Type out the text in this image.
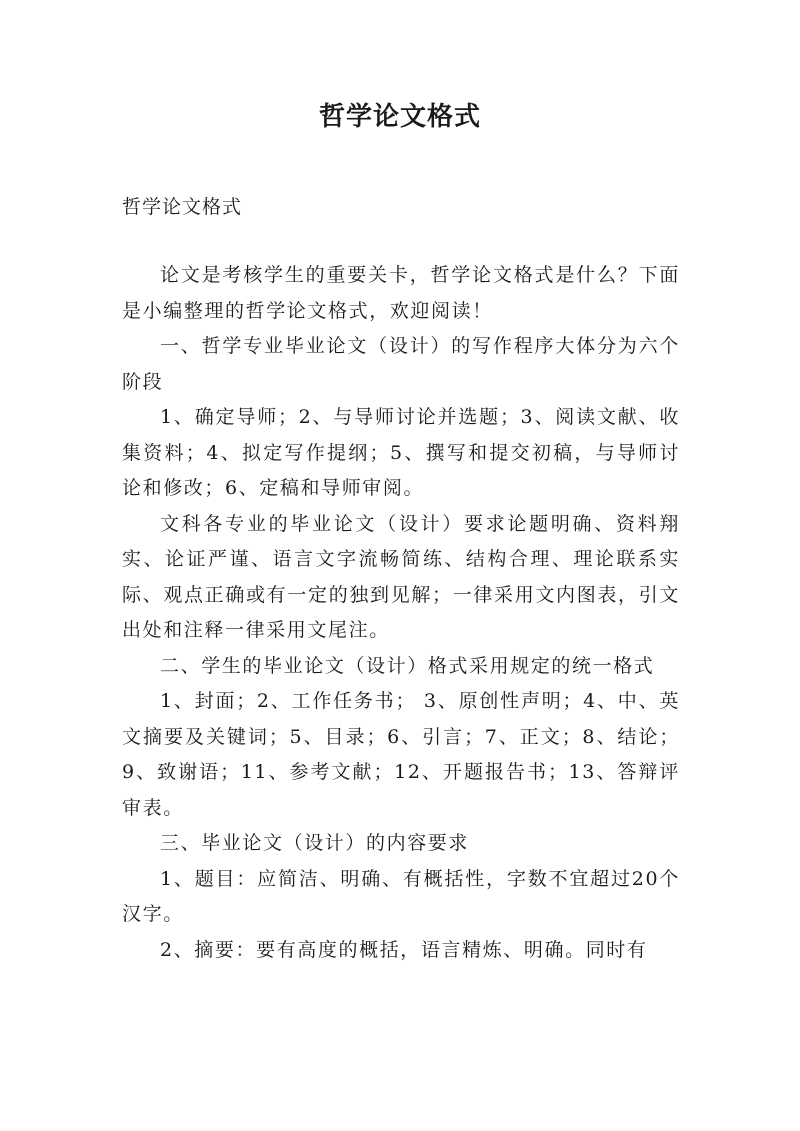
哲学论文格式
哲学论文格式

论文是考核学生的重要关卡，哲学论文格式是什么？下面是小编整理的哲学论文格式，欢迎阅读！

一、哲学专业毕业论文（设计）的写作程序大体分为六个阶段

1、确定导师；2、与导师讨论并选题；3、阅读文献、收集资料；4、拟定写作提纲；5、撰写和提交初稿，与导师讨论和修改；6、定稿和导师审阅。

文科各专业的毕业论文（设计）要求论题明确、资料翔实、论证严谨、语言文字流畅简练、结构合理、理论联系实际、观点正确或有一定的独到见解；一律采用文内图表，引文出处和注释一律采用文尾注。

二、学生的毕业论文（设计）格式采用规定的统一格式

1、封面；2、工作任务书； 3、原创性声明；4、中、英文摘要及关键词；5、目录；6、引言；7、正文；8、结论；9、致谢语；11、参考文献；12、开题报告书；13、答辩评审表。

三、毕业论文（设计）的内容要求

1、题目：应简洁、明确、有概括性，字数不宜超过20个汉字。

2、摘要：要有高度的概括，语言精炼、明确。同时有
